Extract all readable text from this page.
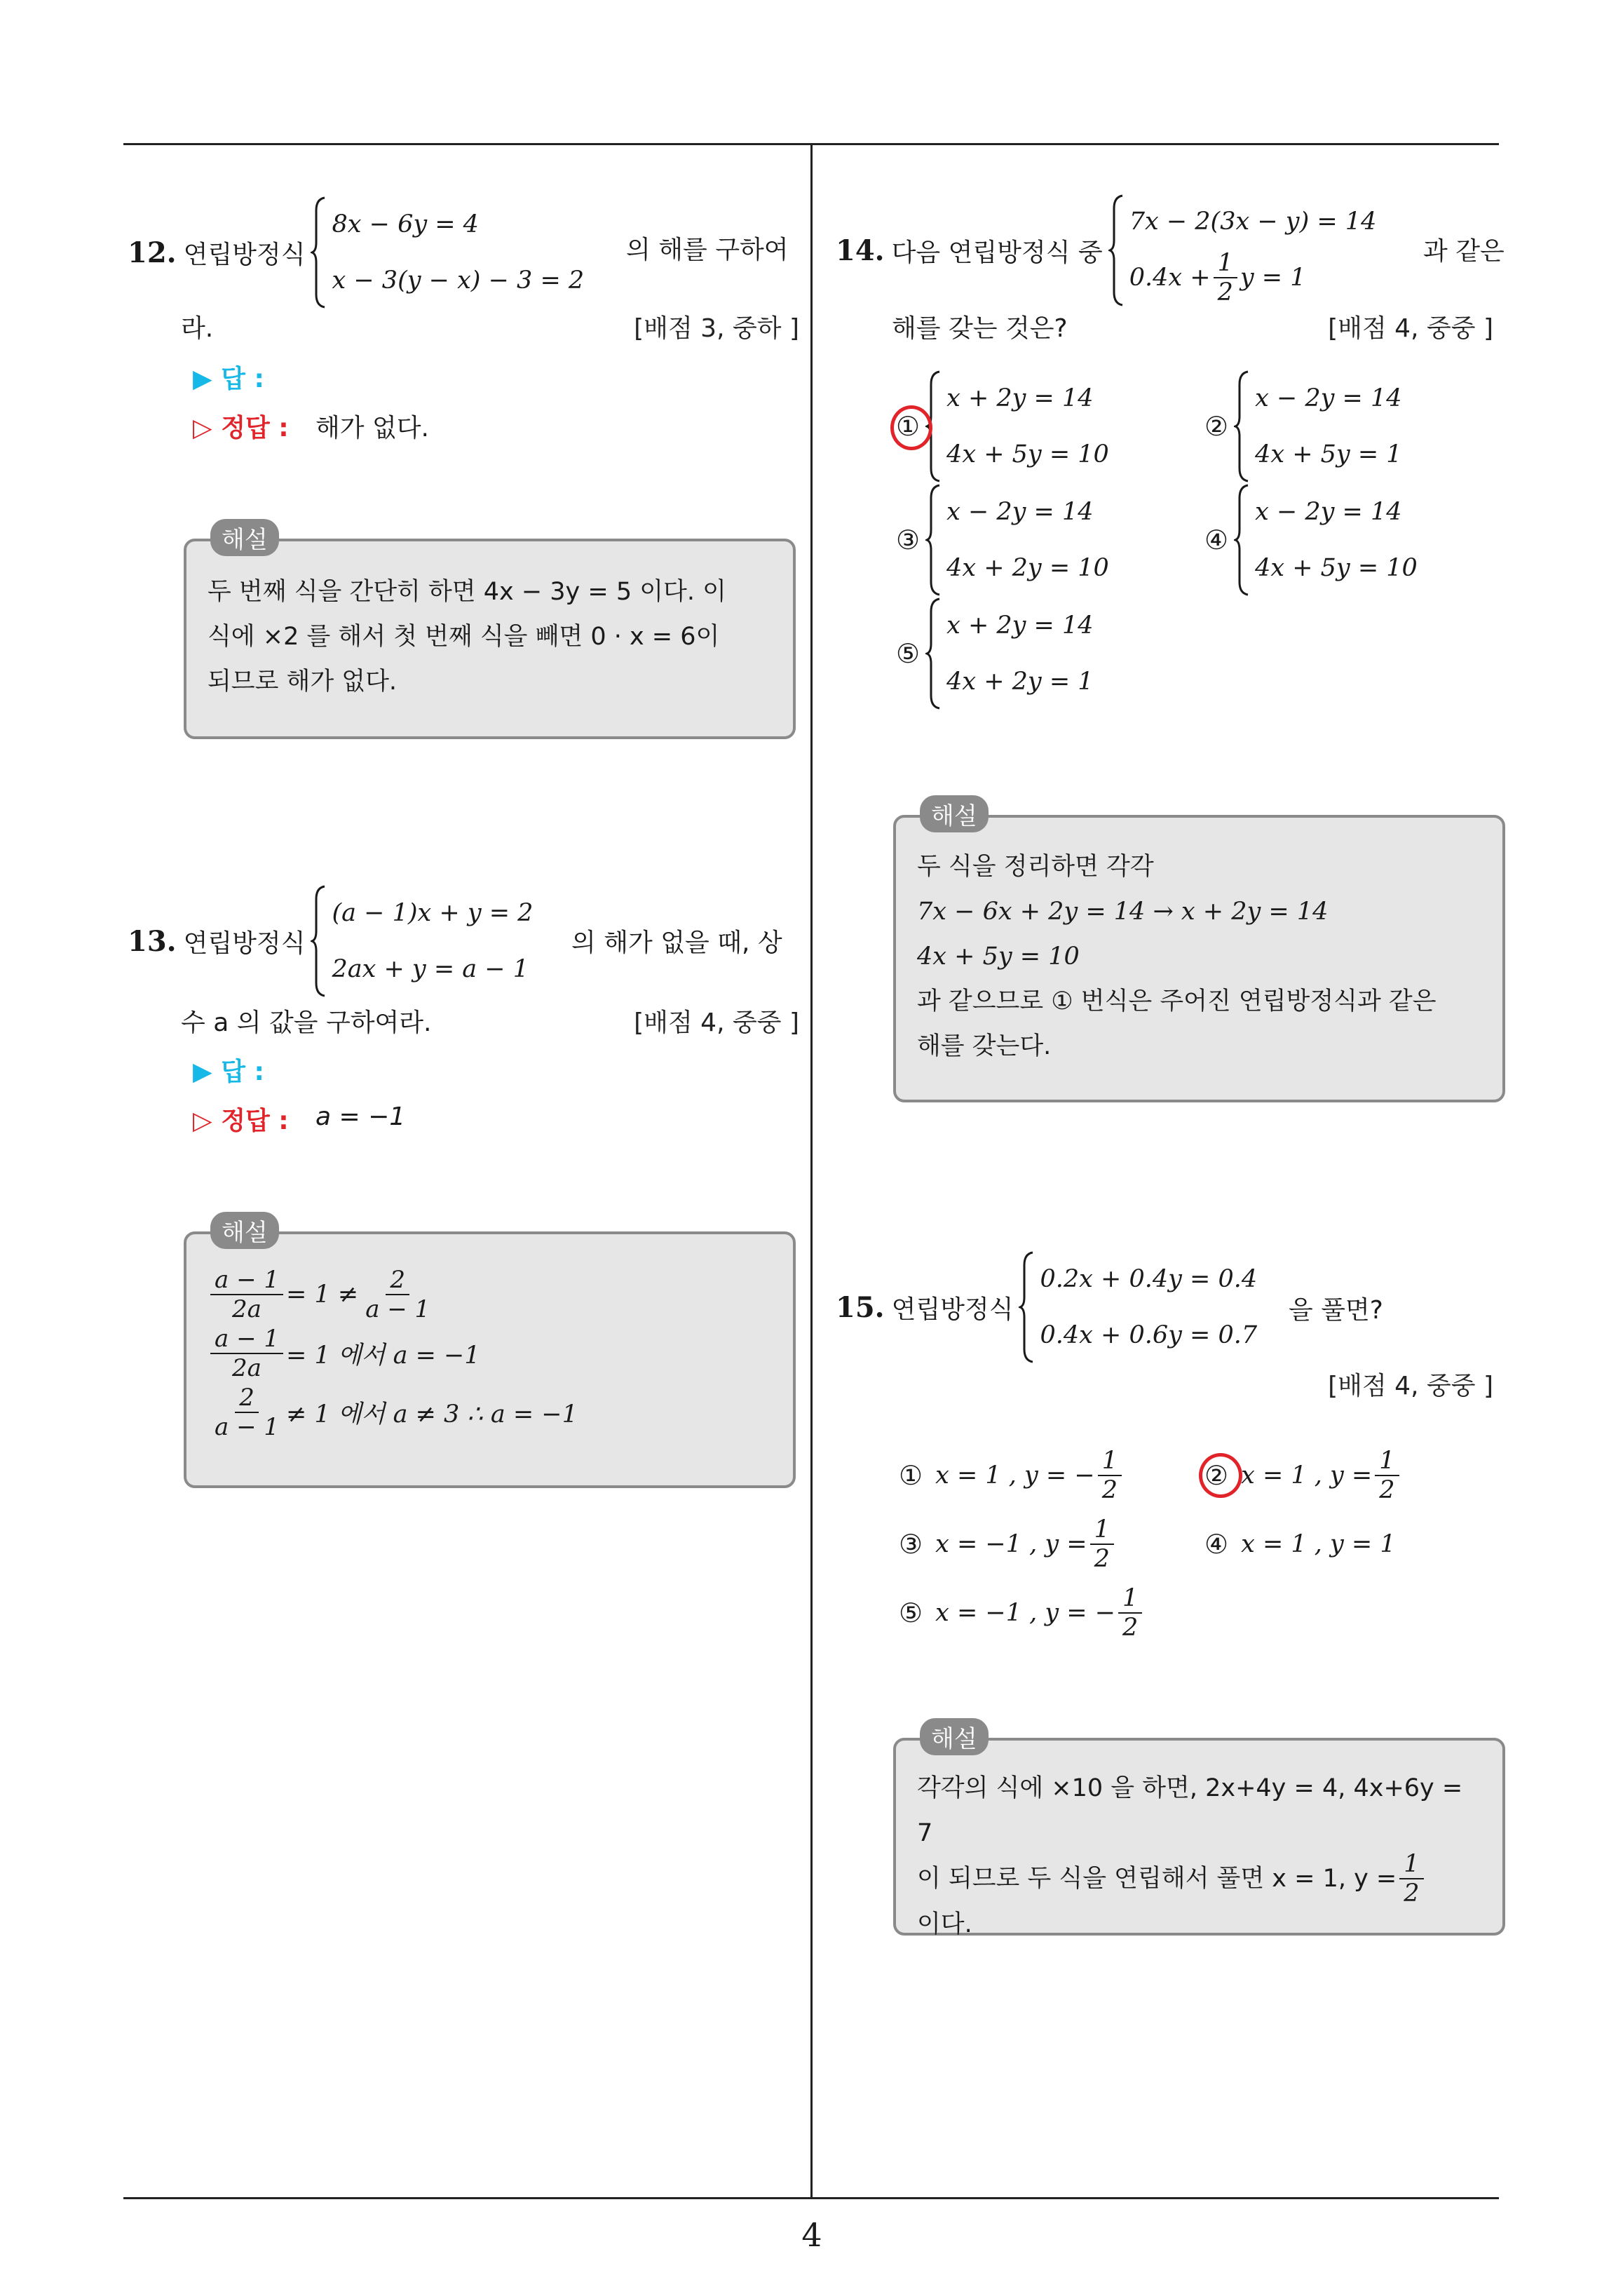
4
12. 연립방정식
8x − 6y = 4
x − 3(y − x) − 3 = 2
의 해를 구하여
라.	[배점 3, 중하 ]
▶ 답 :
▷ 정답 : 해가 없다.
두 번째 식을 간단히 하면 4x − 3y = 5 이다. 이
식에 ×2 를 해서 첫 번째 식을 빼면 0 · x = 6이
되므로 해가 없다.
해설
13. 연립방정식
(a − 1)x + y = 2
2ax + y = a − 1
의 해가 없을 때, 상
수 a 의 값을 구하여라.	[배점 4, 중중 ]
▶ 답 :
▷ 정답 : a = −1
$\frac{a - 1}{2a} = 1 \ne \frac{2}{a - 1}$
$\frac{a - 1}{2a} = 1$ 에서 a = −1
$\frac{2}{a - 1} \ne 1$ 에서 a ≠ 3 ∴ a = −1
해설
14. 다음 연립방정식 중
7x − 2(3x − y) = 14
$0.4x + \frac{1}{2}$ y = 1
과 같은
해를 갖는 것은?	[배점 4, 중중 ]
①
x + 2y = 14
4x + 5y = 10
②
x − 2y = 14
4x + 5y = 1
③
x − 2y = 14
4x + 2y = 10
④
x − 2y = 14
4x + 5y = 10
⑤
x + 2y = 14
4x + 2y = 1
두 식을 정리하면 각각
7x − 6x + 2y = 14 → x + 2y = 14
4x + 5y = 10
과 같으므로 ① 번식은 주어진 연립방정식과 같은
해를 갖는다.
해설
15. 연립방정식
0.2x + 0.4y = 0.4
0.4x + 0.6y = 0.7
을 풀면?
[배점 4, 중중 ]
① x = 1 , y = − $\frac{1}{2}$	② x = 1 , $y = \frac{1}{2}$
③ x = −1 , $y = \frac{1}{2}$	④ x = 1 , y = 1
⑤ x = −1 , y = − $\frac{1}{2}$
각각의 식에 ×10 을 하면, 2x+4y = 4, 4x+6y = 7
이 되므로 두 식을 연립해서 풀면 x = 1, $y = \frac{1}{2}$
이다.
해설
